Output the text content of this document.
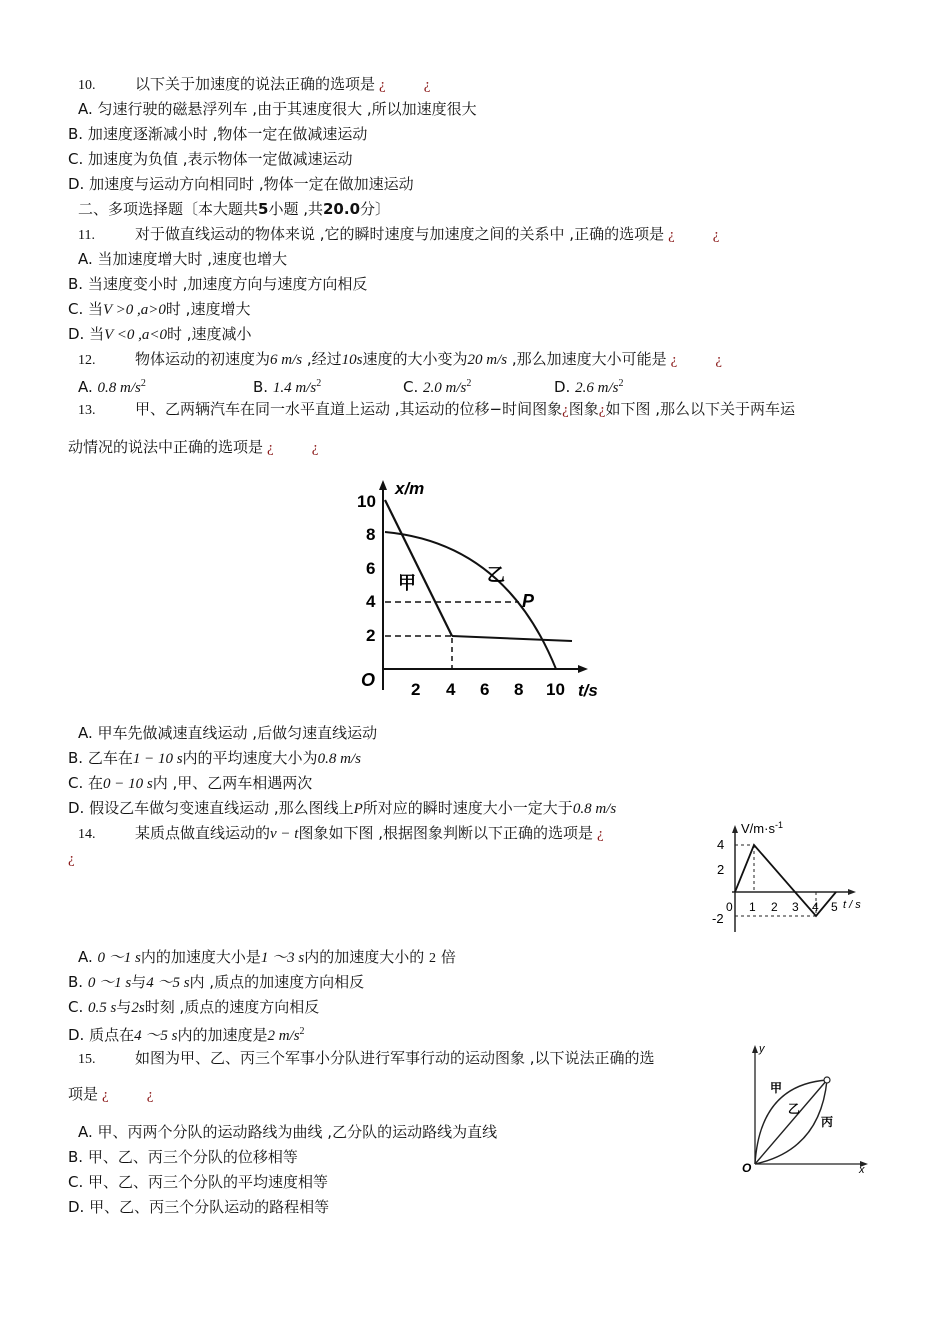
10.	以下关于加速度的说法正确的选项是 ¿	¿
A. 匀速行驶的磁悬浮列车 ,由于其速度很大 ,所以加速度很大
B. 加速度逐渐减小时 ,物体一定在做减速运动
C. 加速度为负值 ,表示物体一定做减速运动
D. 加速度与运动方向相同时 ,物体一定在做加速运动
二、多项选择题〔本大题共5小题 ,共20.0分〕
11.	对于做直线运动的物体来说 ,它的瞬时速度与加速度之间的关系中 ,正确的选项是 ¿	¿
A. 当加速度增大时 ,速度也增大
B. 当速度变小时 ,加速度方向与速度方向相反
C. 当V >0 ,a>0时 ,速度增大
D. 当V <0 ,a<0时 ,速度减小
12.	物体运动的初速度为6 m/s ,经过10s速度的大小变为20 m/s ,那么加速度大小可能是 ¿	¿
A. 0.8 $m/s^2$	B. 1.4 $m/s^2$	C. 2.0 $m/s^2$	D. 2.6 $m/s^2$
13.	甲、乙两辆汽车在同一水平直道上运动 ,其运动的位移−时间图象¿图象¿如下图 ,那么以下关于两车运
动情况的说法中正确的选项是 ¿	¿
x/m
t/s
O 2 4 6 8 10
2
4
6
8
10
甲	乙
P
A. 甲车先做减速直线运动 ,后做匀速直线运动
B. 乙车在1 − 10 s内的平均速度大小为0.8 m/s
C. 在0 − 10 s内 ,甲、乙两车相遇两次
D. 假设乙车做匀变速直线运动 ,那么图线上P所对应的瞬时速度大小一定大于0.8 m/s
14.	某质点做直线运动的v − t图象如下图 ,根据图象判断以下正确的选项是 ¿
¿
$V/m\cdot s^{-1}$
t / s
4
2
-2
0 1 2 3 4 5
A. 0 ～1 s内的加速度大小是1 ～3 s内的加速度大小的 2 倍
B. 0 ～1 s与4 ～5 s内 ,质点的加速度方向相反
C. 0.5 s与2s时刻 ,质点的速度方向相反
D. 质点在4 ～5 s内的加速度是2 $m/s^2$
15.	如图为甲、乙、丙三个军事小分队进行军事行动的运动图象 ,以下说法正确的选
项是 ¿	¿
y
x
O
甲
乙
丙
A. 甲、丙两个分队的运动路线为曲线 ,乙分队的运动路线为直线
B. 甲、乙、丙三个分队的位移相等
C. 甲、乙、丙三个分队的平均速度相等
D. 甲、乙、丙三个分队运动的路程相等
